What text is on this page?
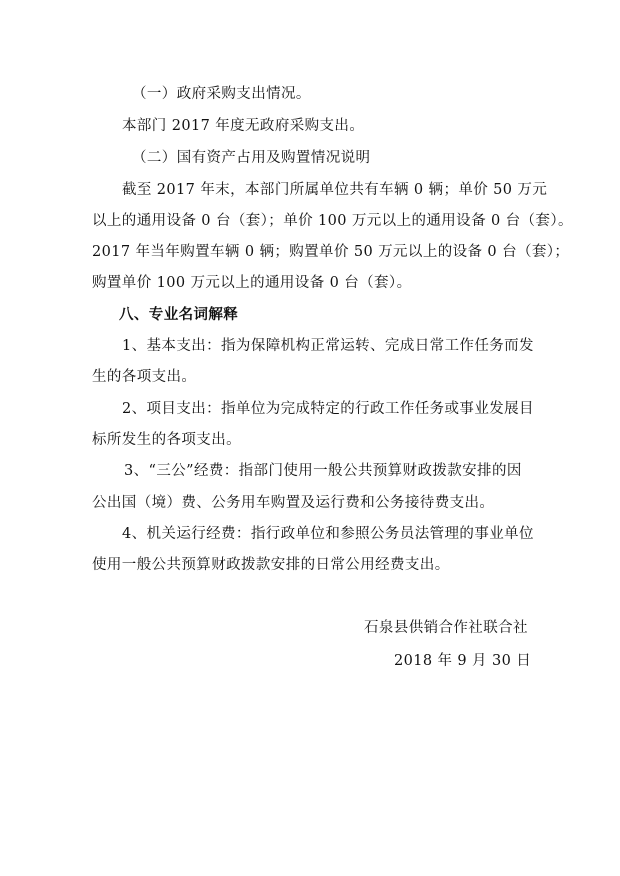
（一）政府采购支出情况。
本部门 2017 年度无政府采购支出。
（二）国有资产占用及购置情况说明
截至 2017 年末，本部门所属单位共有车辆 0 辆；单价 50 万元
以上的通用设备 0 台（套）；单价 100 万元以上的通用设备 0 台（套）。
2017 年当年购置车辆 0 辆；购置单价 50 万元以上的设备 0 台（套）；
购置单价 100 万元以上的通用设备 0 台（套）。
八、专业名词解释
1、基本支出：指为保障机构正常运转、完成日常工作任务而发
生的各项支出。
2、项目支出：指单位为完成特定的行政工作任务或事业发展目
标所发生的各项支出。
3、“三公”经费：指部门使用一般公共预算财政拨款安排的因
公出国（境）费、公务用车购置及运行费和公务接待费支出。
4、机关运行经费：指行政单位和参照公务员法管理的事业单位
使用一般公共预算财政拨款安排的日常公用经费支出。
石泉县供销合作社联合社
2018 年 9 月 30 日
